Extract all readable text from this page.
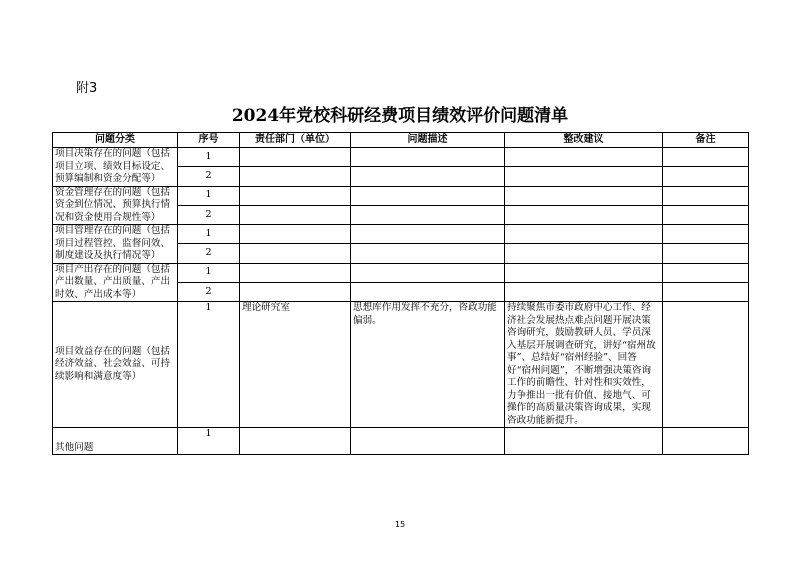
附3
2024年党校科研经费项目绩效评价问题清单
问题分类	序号	责任部门（单位）	问题描述	整改建议	备注
项目决策存在的问题（包括项目立项、绩效目标设定、预算编制和资金分配等）	1				
	2				
资金管理存在的问题（包括资金到位情况、预算执行情况和资金使用合规性等）	1				
	2				
项目管理存在的问题（包括项目过程管控、监督问效、制度建设及执行情况等）	1				
	2				
项目产出存在的问题（包括产出数量、产出质量、产出时效、产出成本等）	1				
	2				
项目效益存在的问题（包括经济效益、社会效益、可持续影响和满意度等）	1	理论研究室	思想库作用发挥不充分，咨政功能偏弱。	持续聚焦市委市政府中心工作、经济社会发展热点难点问题开展决策咨询研究，鼓励教研人员、学员深入基层开展调查研究，讲好“宿州故事”、总结好“宿州经验”、回答好“宿州问题”，不断增强决策咨询工作的前瞻性、针对性和实效性，力争推出一批有价值、接地气、可操作的高质量决策咨询成果，实现咨政功能新提升。	
其他问题	1				
15
